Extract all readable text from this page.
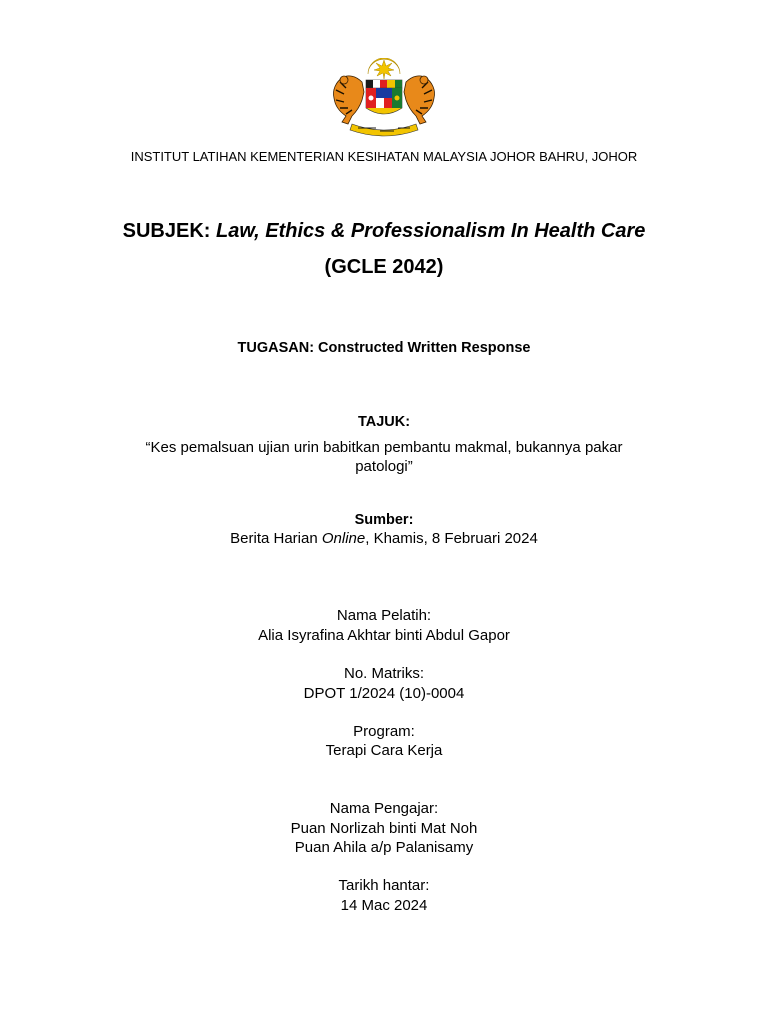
INSTITUT LATIHAN KEMENTERIAN KESIHATAN MALAYSIA JOHOR BAHRU, JOHOR
SUBJEK: Law, Ethics & Professionalism In Health Care
(GCLE 2042)
TUGASAN: Constructed Written Response
TAJUK:
“Kes pemalsuan ujian urin babitkan pembantu makmal, bukannya pakar patologi”
Sumber:
Berita Harian Online, Khamis, 8 Februari 2024
Nama Pelatih:
Alia Isyrafina Akhtar binti Abdul Gapor
No. Matriks:
DPOT 1/2024 (10)-0004
Program:
Terapi Cara Kerja
Nama Pengajar:
Puan Norlizah binti Mat Noh
Puan Ahila a/p Palanisamy
Tarikh hantar:
14 Mac 2024
